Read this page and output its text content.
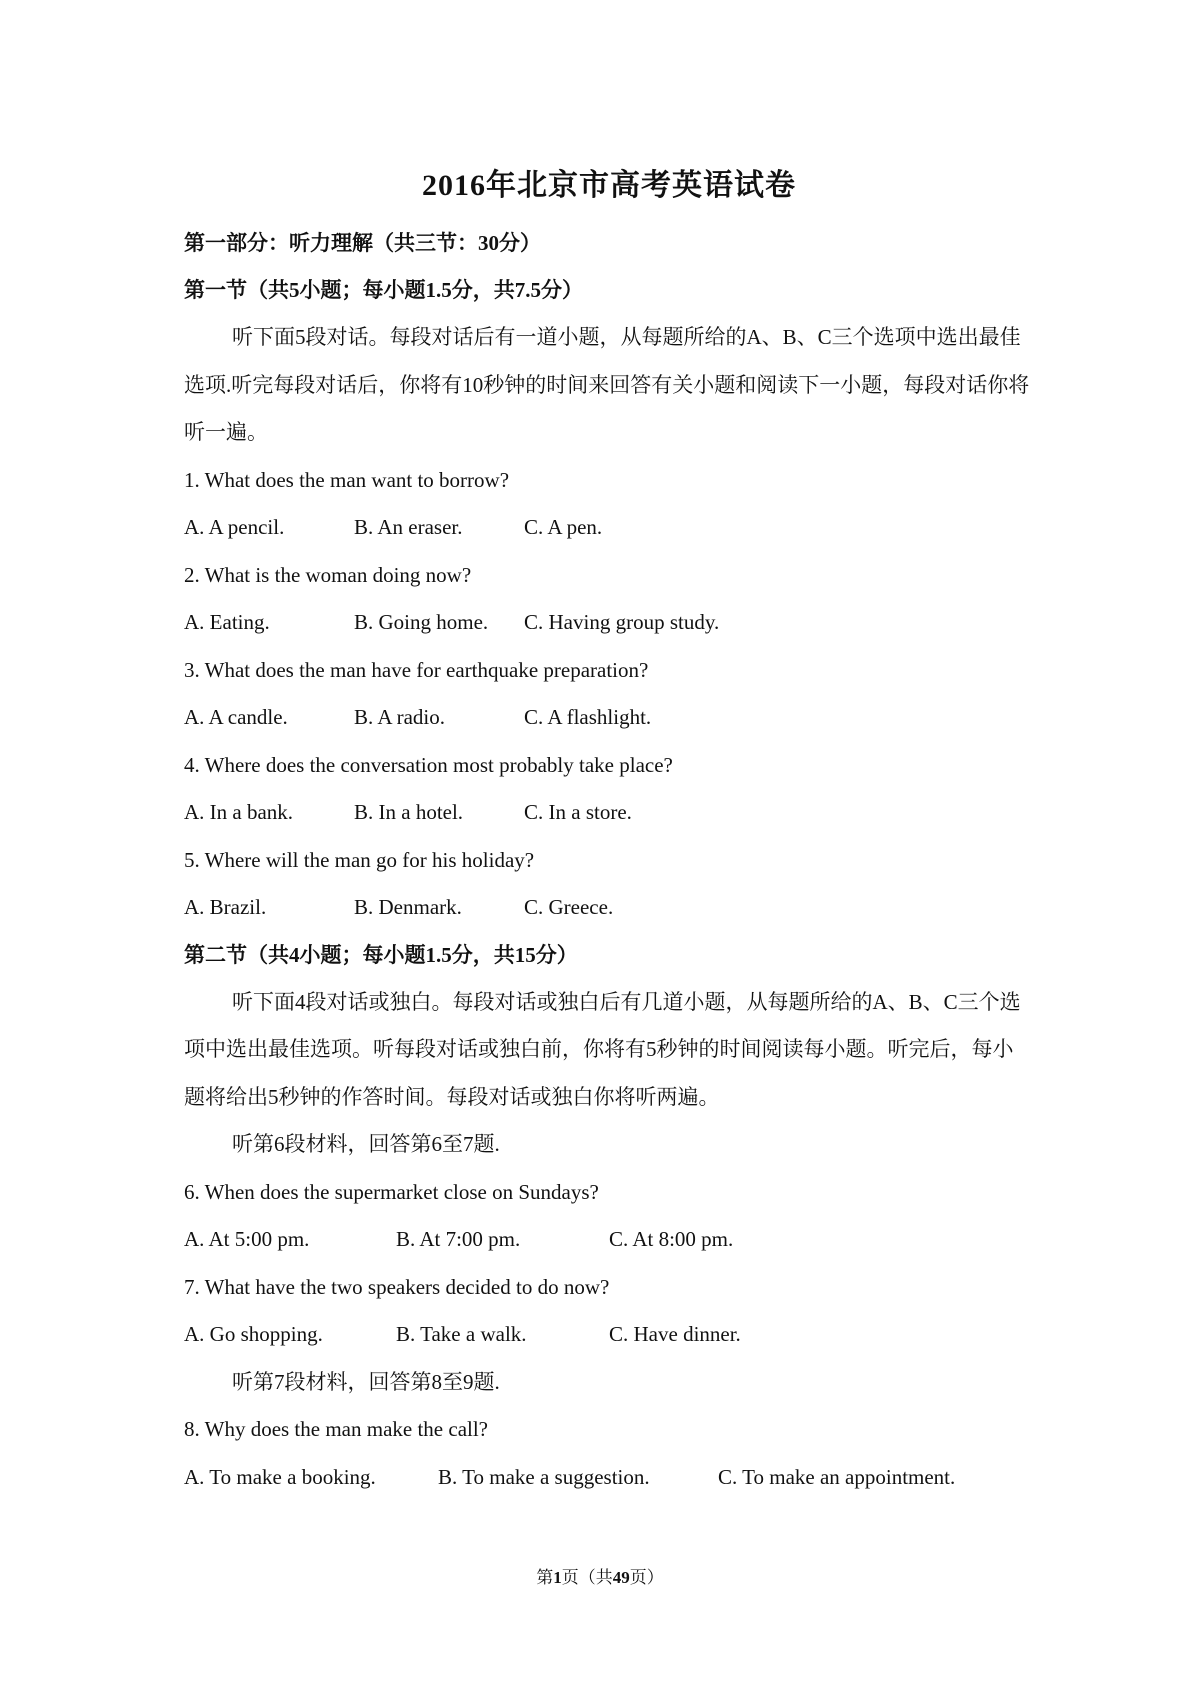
2016年北京市高考英语试卷

第一部分：听力理解（共三节：30分）

第一节（共5小题；每小题1.5分，共7.5分）

听下面5段对话。每段对话后有一道小题，从每题所给的A、B、C三个选项中选出最佳选项.听完每段对话后，你将有10秒钟的时间来回答有关小题和阅读下一小题，每段对话你将听一遍。

1. What does the man want to borrow?

A. A pencil.	B. An eraser.	C. A pen.

2. What is the woman doing now?

A. Eating.	B. Going home.	C. Having group study.

3. What does the man have for earthquake preparation?

A. A candle.	B. A radio.	C. A flashlight.

4. Where does the conversation most probably take place?

A. In a bank.	B. In a hotel.	C. In a store.

5. Where will the man go for his holiday?

A. Brazil.	B. Denmark.	C. Greece.

第二节（共4小题；每小题1.5分，共15分）

听下面4段对话或独白。每段对话或独白后有几道小题，从每题所给的A、B、C三个选项中选出最佳选项。听每段对话或独白前，你将有5秒钟的时间阅读每小题。听完后，每小题将给出5秒钟的作答时间。每段对话或独白你将听两遍。

听第6段材料，回答第6至7题.

6. When does the supermarket close on Sundays?

A. At 5:00 pm.	B. At 7:00 pm.	C. At 8:00 pm.

7. What have the two speakers decided to do now?

A. Go shopping.	B. Take a walk.	C. Have dinner.

听第7段材料，回答第8至9题.

8. Why does the man make the call?

A. To make a booking.	B. To make a suggestion.	C. To make an appointment.
第1页（共49页）
